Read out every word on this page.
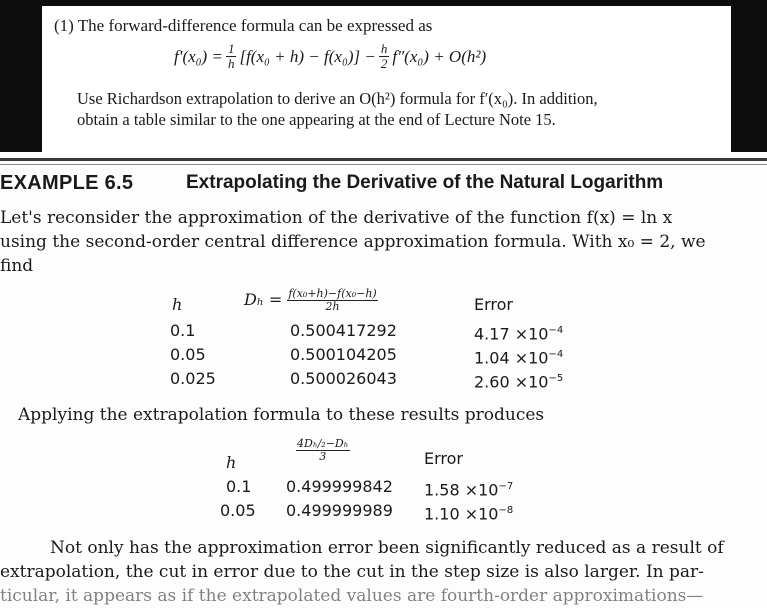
(1) The forward-difference formula can be expressed as
$f'(x_0) = \frac{1}{h} [f(x_0 + h) - f(x_0)] - \frac{h}{2} f''(x_0) + O(h^2)$
Use Richardson extrapolation to derive an O(h²) formula for f′(x₀). In addition,
obtain a table similar to the one appearing at the end of Lecture Note 15.
EXAMPLE 6.5	Extrapolating the Derivative of the Natural Logarithm
Let's reconsider the approximation of the derivative of the function f(x) = ln x
using the second-order central difference approximation formula. With x₀ = 2, we
find
h	$D_h = \frac{\text{f(x₀+h)−f(x₀−h)}}{2h}$	Error
0.1	0.500417292	$4.17 \times 10^{-4}$
0.05	0.500104205	$1.04 \times 10^{-4}$
0.025	0.500026043	$2.60 \times 10^{-5}$
Applying the extrapolation formula to these results produces
h	$\frac{\text{4Dₕ/₂−Dₕ}}{3}$	Error
0.1 0.499999842 $1.58 \times 10^{-7}$
0.05 0.499999989 $1.10 \times 10^{-8}$
Not only has the approximation error been significantly reduced as a result of
extrapolation, the cut in error due to the cut in the step size is also larger. In par-
ticular, it appears as if the extrapolated values are fourth-order approximations—
